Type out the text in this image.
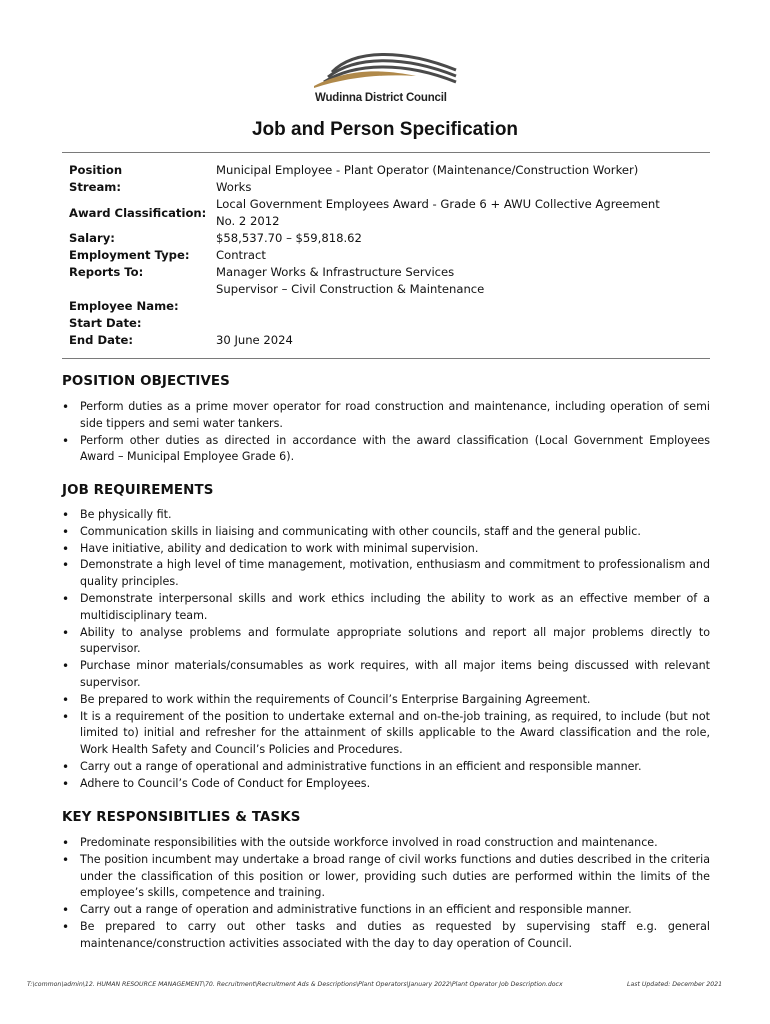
Wudinna District Council
Job and Person Specification
Position	Municipal Employee - Plant Operator (Maintenance/Construction Worker)
Stream:	Works
Award Classification:
Local Government Employees Award - Grade 6 + AWU Collective Agreement
No. 2 2012
Salary:	$58,537.70 – $59,818.62
Employment Type: Contract
Reports To:	Manager Works & Infrastructure Services
Supervisor – Civil Construction & Maintenance
Employee Name:
Start Date:
End Date:	30 June 2024
POSITION OBJECTIVES
• Perform duties as a prime mover operator for road construction and maintenance, including operation of semi side tippers and semi water tankers.
• Perform other duties as directed in accordance with the award classification (Local Government Employees Award – Municipal Employee Grade 6).
JOB REQUIREMENTS
• Be physically fit.
• Communication skills in liaising and communicating with other councils, staff and the general public.
• Have initiative, ability and dedication to work with minimal supervision.
• Demonstrate a high level of time management, motivation, enthusiasm and commitment to professionalism and quality principles.
• Demonstrate interpersonal skills and work ethics including the ability to work as an effective member of a multidisciplinary team.
• Ability to analyse problems and formulate appropriate solutions and report all major problems directly to supervisor.
• Purchase minor materials/consumables as work requires, with all major items being discussed with relevant supervisor.
• Be prepared to work within the requirements of Council’s Enterprise Bargaining Agreement.
• It is a requirement of the position to undertake external and on-the-job training, as required, to include (but not limited to) initial and refresher for the attainment of skills applicable to the Award classification and the role, Work Health Safety and Council’s Policies and Procedures.
• Carry out a range of operational and administrative functions in an efficient and responsible manner.
• Adhere to Council’s Code of Conduct for Employees.
KEY RESPONSIBITLIES & TASKS
• Predominate responsibilities with the outside workforce involved in road construction and maintenance.
• The position incumbent may undertake a broad range of civil works functions and duties described in the criteria under the classification of this position or lower, providing such duties are performed within the limits of the employee’s skills, competence and training.
• Carry out a range of operation and administrative functions in an efficient and responsible manner.
• Be prepared to carry out other tasks and duties as requested by supervising staff e.g. general maintenance/construction activities associated with the day to day operation of Council.
T:\common\admin\12. HUMAN RESOURCE MANAGEMENT\70. Recruitment\Recruitment Ads & Descriptions\Plant Operators\January 2022\Plant Operator Job Description.docx	Last Updated: December 2021
